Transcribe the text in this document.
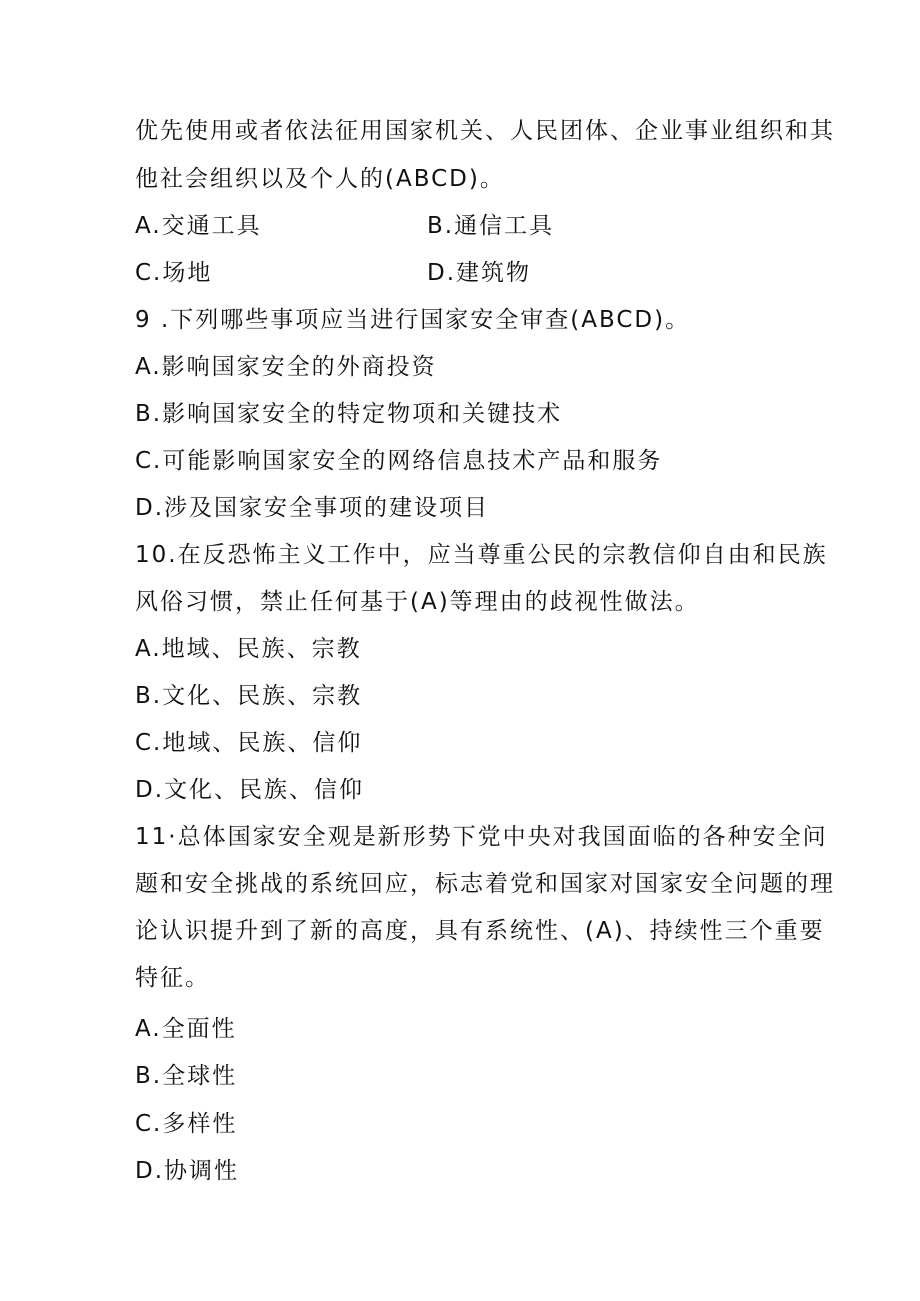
优先使用或者依法征用国家机关、人民团体、企业事业组织和其
他社会组织以及个人的(ABCD)。
A.交通工具	B.通信工具
C.场地	D.建筑物
9 .下列哪些事项应当进行国家安全审查(ABCD)。
A.影响国家安全的外商投资
B.影响国家安全的特定物项和关键技术
C.可能影响国家安全的网络信息技术产品和服务
D.涉及国家安全事项的建设项目
10.在反恐怖主义工作中，应当尊重公民的宗教信仰自由和民族
风俗习惯，禁止任何基于(A)等理由的歧视性做法。
A.地域、民族、宗教
B.文化、民族、宗教
C.地域、民族、信仰
D.文化、民族、信仰
11·总体国家安全观是新形势下党中央对我国面临的各种安全问
题和安全挑战的系统回应，标志着党和国家对国家安全问题的理
论认识提升到了新的高度，具有系统性、(A)、持续性三个重要
特征。
A.全面性
B.全球性
C.多样性
D.协调性
